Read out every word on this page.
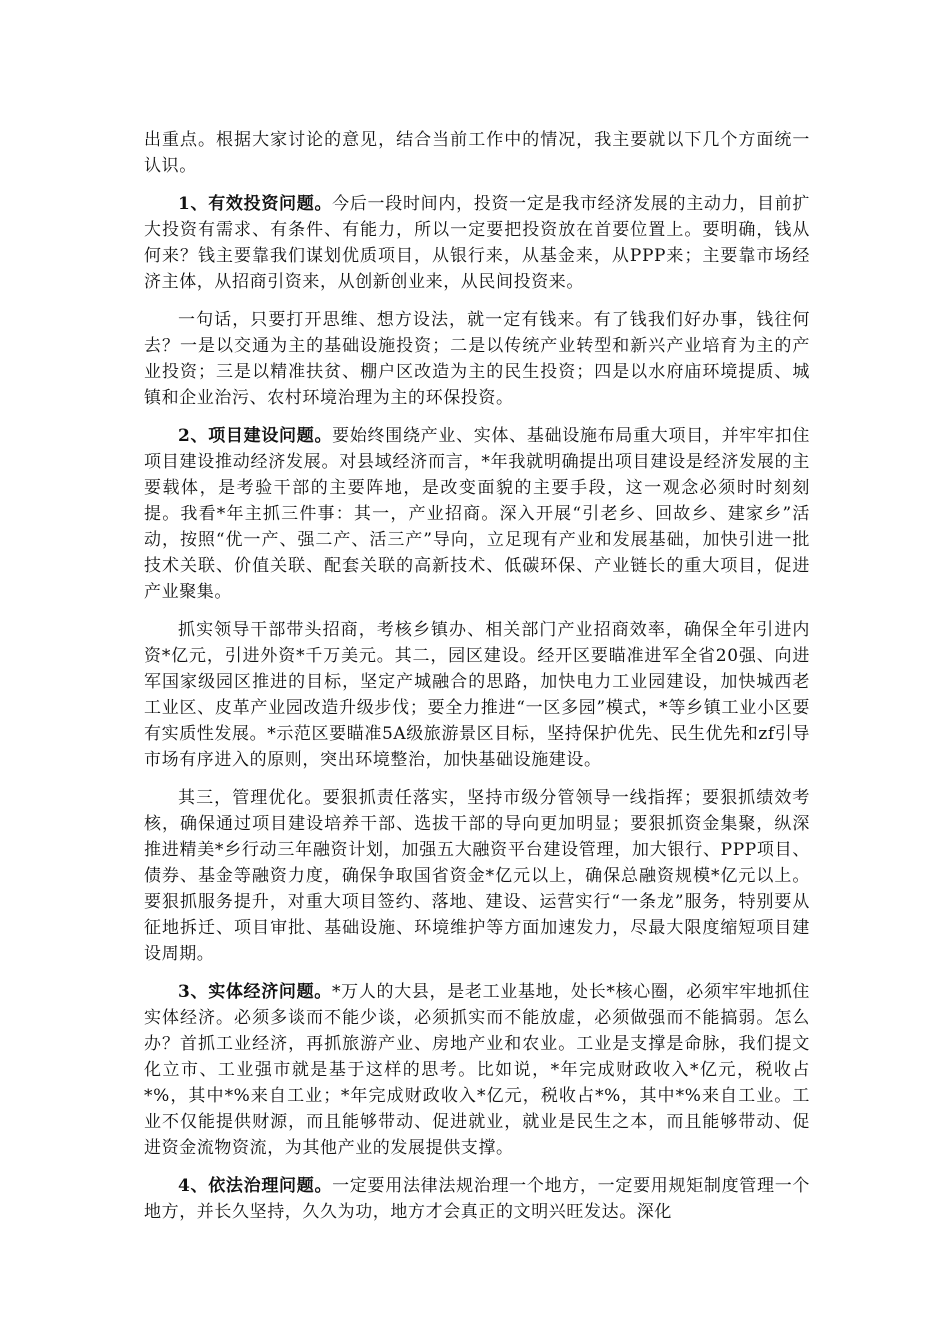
出重点。根据大家讨论的意见，结合当前工作中的情况，我主要就以下几个方面统一认识。

1、有效投资问题。今后一段时间内，投资一定是我市经济发展的主动力，目前扩大投资有需求、有条件、有能力，所以一定要把投资放在首要位置上。要明确，钱从何来？钱主要靠我们谋划优质项目，从银行来，从基金来，从PPP来；主要靠市场经济主体，从招商引资来，从创新创业来，从民间投资来。

一句话，只要打开思维、想方设法，就一定有钱来。有了钱我们好办事，钱往何去？一是以交通为主的基础设施投资；二是以传统产业转型和新兴产业培育为主的产业投资；三是以精准扶贫、棚户区改造为主的民生投资；四是以水府庙环境提质、城镇和企业治污、农村环境治理为主的环保投资。

2、项目建设问题。要始终围绕产业、实体、基础设施布局重大项目，并牢牢扣住项目建设推动经济发展。对县域经济而言，*年我就明确提出项目建设是经济发展的主要载体，是考验干部的主要阵地，是改变面貌的主要手段，这一观念必须时时刻刻提。我看*年主抓三件事：其一，产业招商。深入开展“引老乡、回故乡、建家乡”活动，按照“优一产、强二产、活三产”导向，立足现有产业和发展基础，加快引进一批技术关联、价值关联、配套关联的高新技术、低碳环保、产业链长的重大项目，促进产业聚集。

抓实领导干部带头招商，考核乡镇办、相关部门产业招商效率，确保全年引进内资*亿元，引进外资*千万美元。其二，园区建设。经开区要瞄准进军全省20强、向进军国家级园区推进的目标，坚定产城融合的思路，加快电力工业园建设，加快城西老工业区、皮革产业园改造升级步伐；要全力推进“一区多园”模式，*等乡镇工业小区要有实质性发展。*示范区要瞄准5A级旅游景区目标，坚持保护优先、民生优先和zf引导市场有序进入的原则，突出环境整治，加快基础设施建设。

其三，管理优化。要狠抓责任落实，坚持市级分管领导一线指挥；要狠抓绩效考核，确保通过项目建设培养干部、选拔干部的导向更加明显；要狠抓资金集聚，纵深推进精美*乡行动三年融资计划，加强五大融资平台建设管理，加大银行、PPP项目、债券、基金等融资力度，确保争取国省资金*亿元以上，确保总融资规模*亿元以上。要狠抓服务提升，对重大项目签约、落地、建设、运营实行“一条龙”服务，特别要从征地拆迁、项目审批、基础设施、环境维护等方面加速发力，尽最大限度缩短项目建设周期。

3、实体经济问题。*万人的大县，是老工业基地，处长*核心圈，必须牢牢地抓住实体经济。必须多谈而不能少谈，必须抓实而不能放虚，必须做强而不能搞弱。怎么办？首抓工业经济，再抓旅游产业、房地产业和农业。工业是支撑是命脉，我们提文化立市、工业强市就是基于这样的思考。比如说，*年完成财政收入*亿元，税收占*%，其中*%来自工业；*年完成财政收入*亿元，税收占*%，其中*%来自工业。工业不仅能提供财源，而且能够带动、促进就业，就业是民生之本，而且能够带动、促进资金流物资流，为其他产业的发展提供支撑。

4、依法治理问题。一定要用法律法规治理一个地方，一定要用规矩制度管理一个地方，并长久坚持，久久为功，地方才会真正的文明兴旺发达。深化
